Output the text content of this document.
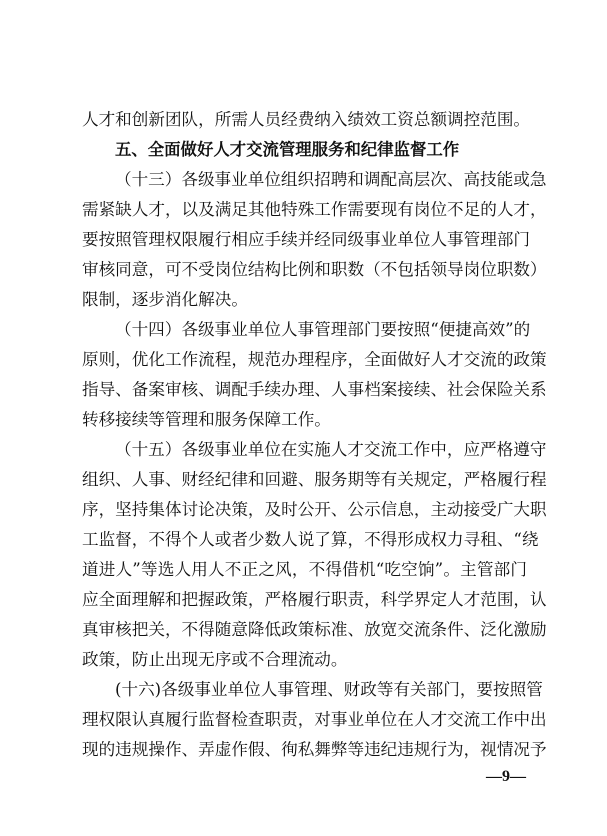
人才和创新团队，所需人员经费纳入绩效工资总额调控范围。
五、全面做好人才交流管理服务和纪律监督工作
（十三）各级事业单位组织招聘和调配高层次、高技能或急
需紧缺人才，以及满足其他特殊工作需要现有岗位不足的人才，
要按照管理权限履行相应手续并经同级事业单位人事管理部门
审核同意，可不受岗位结构比例和职数（不包括领导岗位职数）
限制，逐步消化解决。
（十四）各级事业单位人事管理部门要按照“便捷高效”的
原则，优化工作流程，规范办理程序，全面做好人才交流的政策
指导、备案审核、调配手续办理、人事档案接续、社会保险关系
转移接续等管理和服务保障工作。
（十五）各级事业单位在实施人才交流工作中，应严格遵守
组织、人事、财经纪律和回避、服务期等有关规定，严格履行程
序，坚持集体讨论决策，及时公开、公示信息，主动接受广大职
工监督，不得个人或者少数人说了算，不得形成权力寻租、“绕
道进人”等选人用人不正之风，不得借机“吃空饷”。主管部门
应全面理解和把握政策，严格履行职责，科学界定人才范围，认
真审核把关，不得随意降低政策标准、放宽交流条件、泛化激励
政策，防止出现无序或不合理流动。
(十六)各级事业单位人事管理、财政等有关部门，要按照管
理权限认真履行监督检查职责，对事业单位在人才交流工作中出
现的违规操作、弄虚作假、徇私舞弊等违纪违规行为，视情况予
—9—
